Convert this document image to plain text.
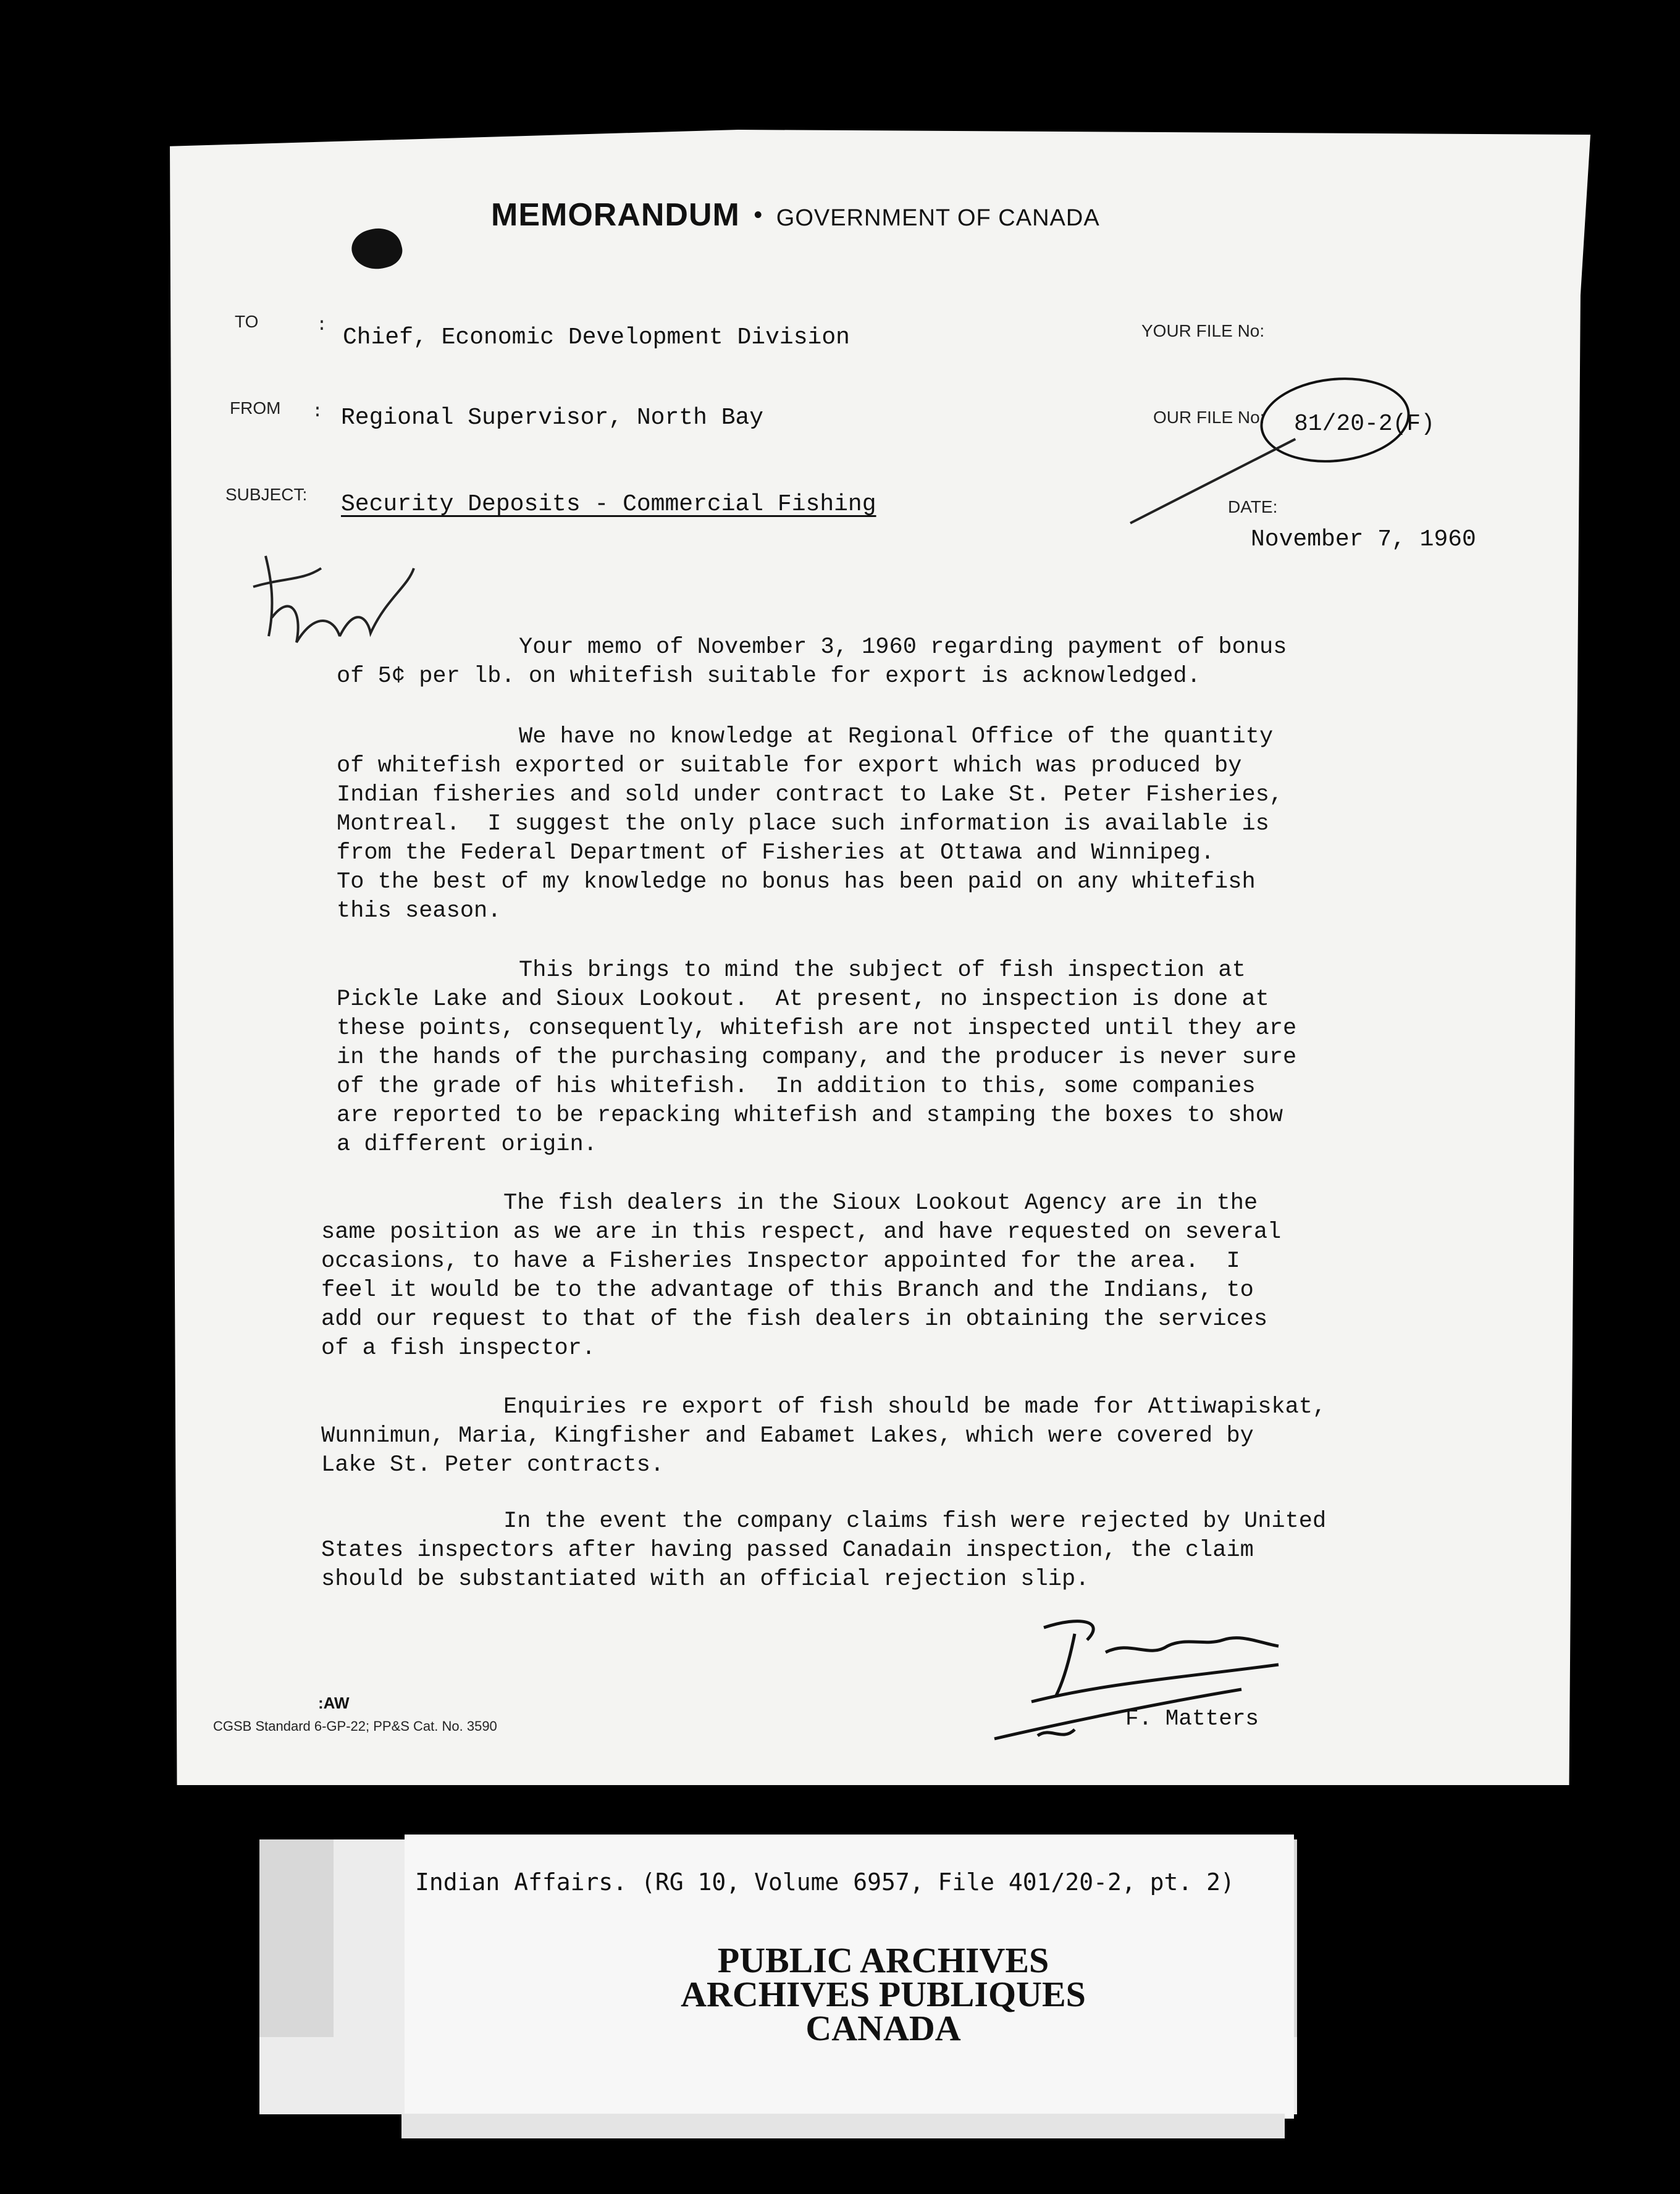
MEMORANDUM • GOVERNMENT OF CANADA
TO	: Chief, Economic Development Division
FROM : Regional Supervisor, North Bay
SUBJECT: Security Deposits - Commercial Fishing
YOUR FILE No:
OUR FILE No: 81/20-2(F)
DATE:
November 7, 1960
Your memo of November 3, 1960 regarding payment of bonus
of 5¢ per lb. on whitefish suitable for export is acknowledged.
We have no knowledge at Regional Office of the quantity
of whitefish exported or suitable for export which was produced by
Indian fisheries and sold under contract to Lake St. Peter Fisheries,
Montreal.  I suggest the only place such information is available is
from the Federal Department of Fisheries at Ottawa and Winnipeg.
To the best of my knowledge no bonus has been paid on any whitefish
this season.
This brings to mind the subject of fish inspection at
Pickle Lake and Sioux Lookout.  At present, no inspection is done at
these points, consequently, whitefish are not inspected until they are
in the hands of the purchasing company, and the producer is never sure
of the grade of his whitefish.  In addition to this, some companies
are reported to be repacking whitefish and stamping the boxes to show
a different origin.
The fish dealers in the Sioux Lookout Agency are in the
same position as we are in this respect, and have requested on several
occasions, to have a Fisheries Inspector appointed for the area.  I
feel it would be to the advantage of this Branch and the Indians, to
add our request to that of the fish dealers in obtaining the services
of a fish inspector.
Enquiries re export of fish should be made for Attiwapiskat,
Wunnimun, Maria, Kingfisher and Eabamet Lakes, which were covered by
Lake St. Peter contracts.
In the event the company claims fish were rejected by United
States inspectors after having passed Canadain inspection, the claim
should be substantiated with an official rejection slip.
F. Matters
:AW
CGSB Standard 6-GP-22; PP&S Cat. No. 3590
Indian Affairs. (RG 10, Volume 6957, File 401/20-2, pt. 2)
PUBLIC ARCHIVES
ARCHIVES PUBLIQUES
CANADA
